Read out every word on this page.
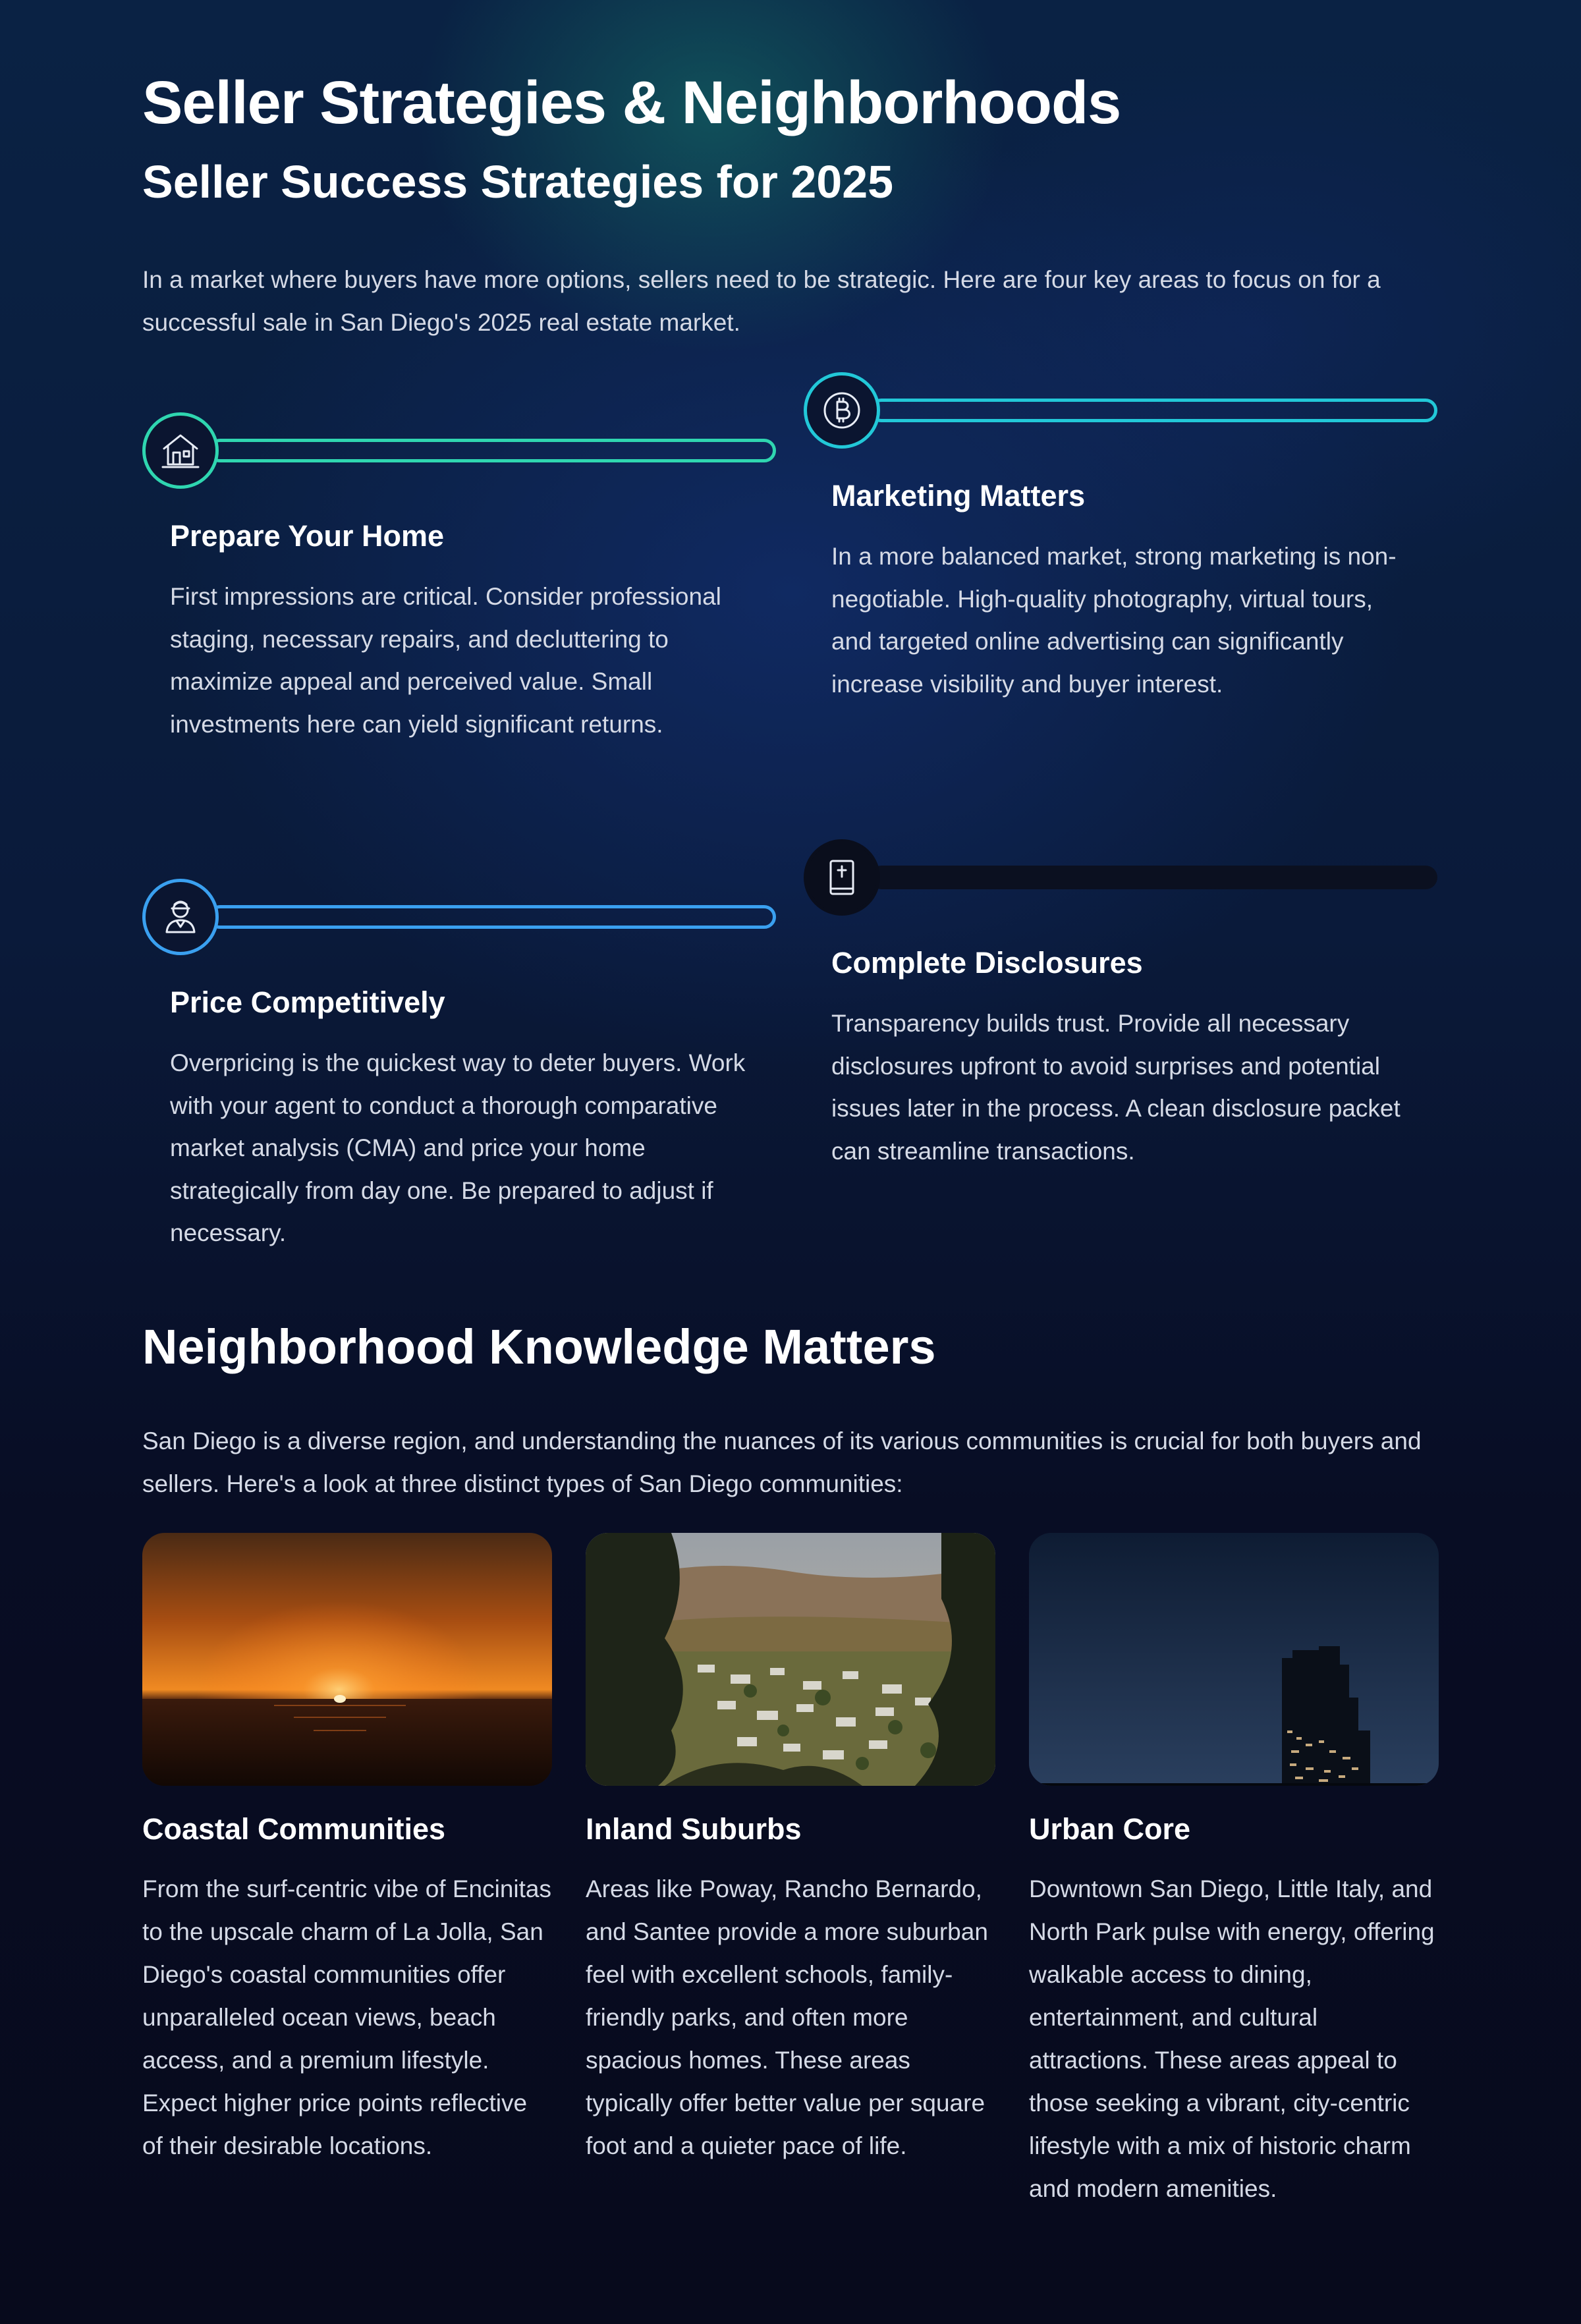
Seller Strategies & Neighborhoods
Seller Success Strategies for 2025

In a market where buyers have more options, sellers need to be strategic. Here are four key areas to focus on for a successful sale in San Diego's 2025 real estate market.

Prepare Your Home

First impressions are critical. Consider professional staging, necessary repairs, and decluttering to maximize appeal and perceived value. Small investments here can yield significant returns.

Marketing Matters

In a more balanced market, strong marketing is non-negotiable. High-quality photography, virtual tours, and targeted online advertising can significantly increase visibility and buyer interest.

Price Competitively

Overpricing is the quickest way to deter buyers. Work with your agent to conduct a thorough comparative market analysis (CMA) and price your home strategically from day one. Be prepared to adjust if necessary.

Complete Disclosures

Transparency builds trust. Provide all necessary disclosures upfront to avoid surprises and potential issues later in the process. A clean disclosure packet can streamline transactions.

Neighborhood Knowledge Matters

San Diego is a diverse region, and understanding the nuances of its various communities is crucial for both buyers and sellers. Here's a look at three distinct types of San Diego communities:

Coastal Communities

From the surf-centric vibe of Encinitas to the upscale charm of La Jolla, San Diego's coastal communities offer unparalleled ocean views, beach access, and a premium lifestyle. Expect higher price points reflective of their desirable locations.

Inland Suburbs

Areas like Poway, Rancho Bernardo, and Santee provide a more suburban feel with excellent schools, family-friendly parks, and often more spacious homes. These areas typically offer better value per square foot and a quieter pace of life.

Urban Core

Downtown San Diego, Little Italy, and North Park pulse with energy, offering walkable access to dining, entertainment, and cultural attractions. These areas appeal to those seeking a vibrant, city-centric lifestyle with a mix of historic charm and modern amenities.
